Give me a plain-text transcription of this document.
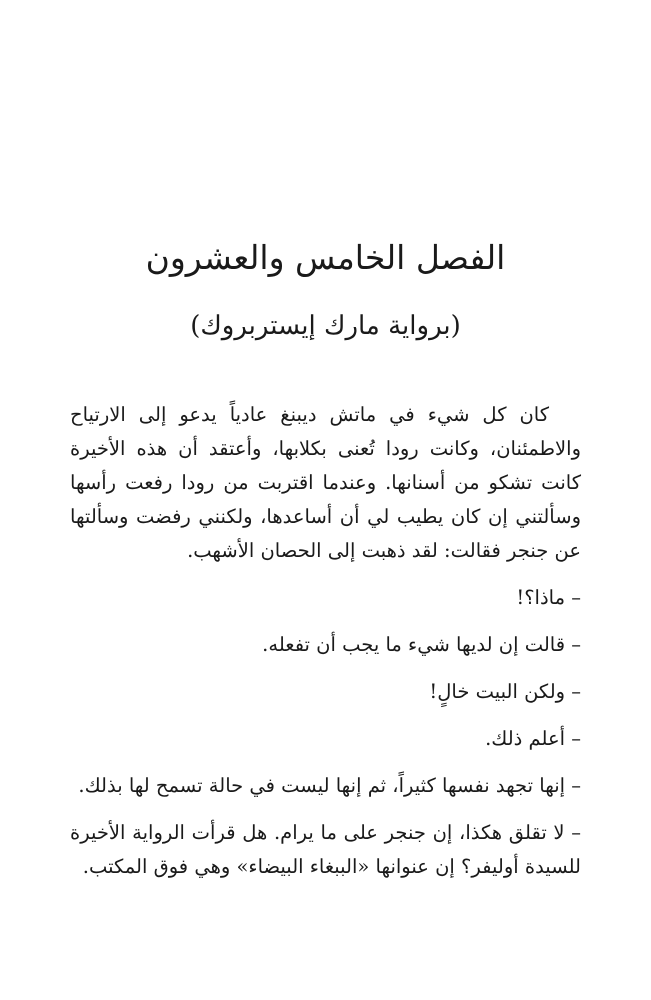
الفصل الخامس والعشرون
(برواية مارك إيستربروك)

كان كل شيء في ماتش ديبنغ عادياً يدعو إلى الارتياح والاطمئنان، وكانت رودا تُعنى بكلابها، وأعتقد أن هذه الأخيرة كانت تشكو من أسنانها. وعندما اقتربت من رودا رفعت رأسها وسألتني إن كان يطيب لي أن أساعدها، ولكنني رفضت وسألتها عن جنجر فقالت: لقد ذهبت إلى الحصان الأشهب.

– ماذا؟!

– قالت إن لديها شيء ما يجب أن تفعله.

– ولكن البيت خالٍ!

– أعلم ذلك.

– إنها تجهد نفسها كثيراً، ثم إنها ليست في حالة تسمح لها بذلك.

– لا تقلق هكذا، إن جنجر على ما يرام. هل قرأت الرواية الأخيرة للسيدة أوليفر؟ إن عنوانها «الببغاء البيضاء» وهي فوق المكتب.
